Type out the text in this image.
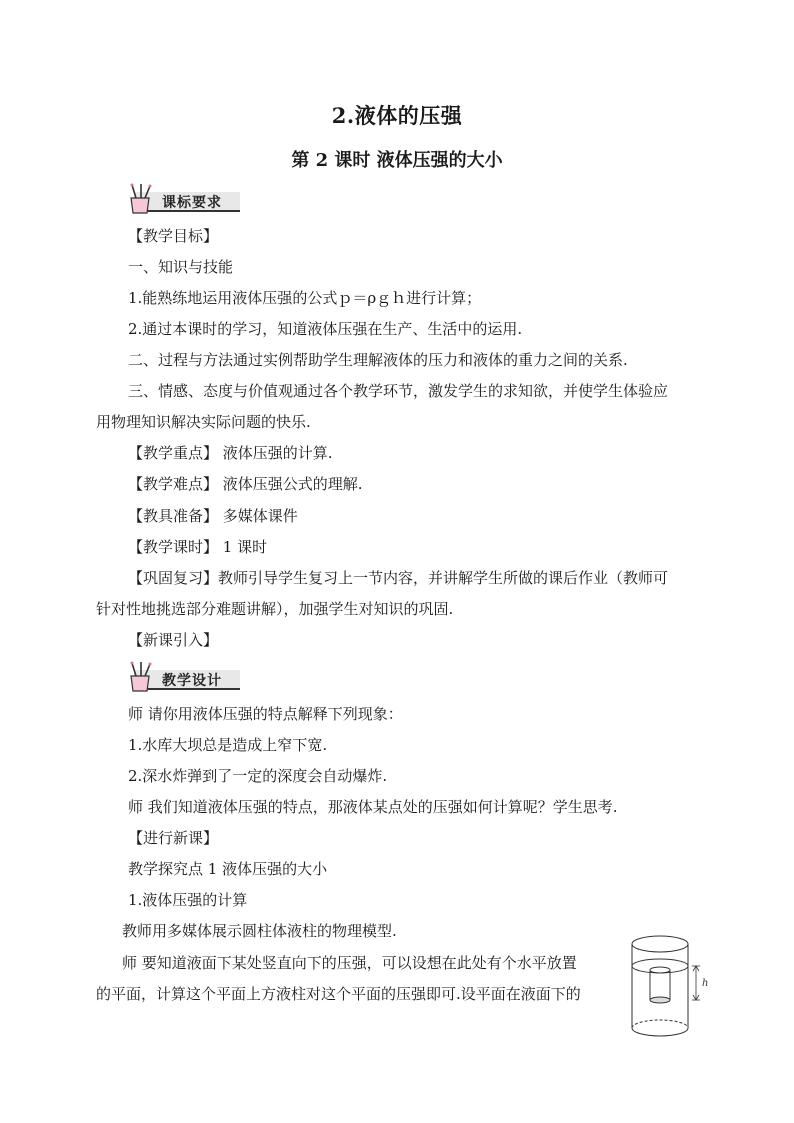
2.液体的压强
第 2 课时 液体压强的大小
课标要求
【教学目标】
一、知识与技能
1.能熟练地运用液体压强的公式ｐ＝ρｇｈ进行计算；
2.通过本课时的学习，知道液体压强在生产、生活中的运用.
二、过程与方法通过实例帮助学生理解液体的压力和液体的重力之间的关系.
三、情感、态度与价值观通过各个教学环节，激发学生的求知欲，并使学生体验应
用物理知识解决实际问题的快乐.
【教学重点】 液体压强的计算.
【教学难点】 液体压强公式的理解.
【教具准备】 多媒体课件
【教学课时】 1 课时
【巩固复习】教师引导学生复习上一节内容，并讲解学生所做的课后作业（教师可
针对性地挑选部分难题讲解），加强学生对知识的巩固.
【新课引入】
教学设计
师 请你用液体压强的特点解释下列现象：
1.水库大坝总是造成上窄下宽.
2.深水炸弹到了一定的深度会自动爆炸.
师 我们知道液体压强的特点，那液体某点处的压强如何计算呢？学生思考.
【进行新课】
教学探究点 1 液体压强的大小
1.液体压强的计算
教师用多媒体展示圆柱体液柱的物理模型.
师 要知道液面下某处竖直向下的压强，可以设想在此处有个水平放置
的平面，计算这个平面上方液柱对这个平面的压强即可.设平面在液面下的
h
